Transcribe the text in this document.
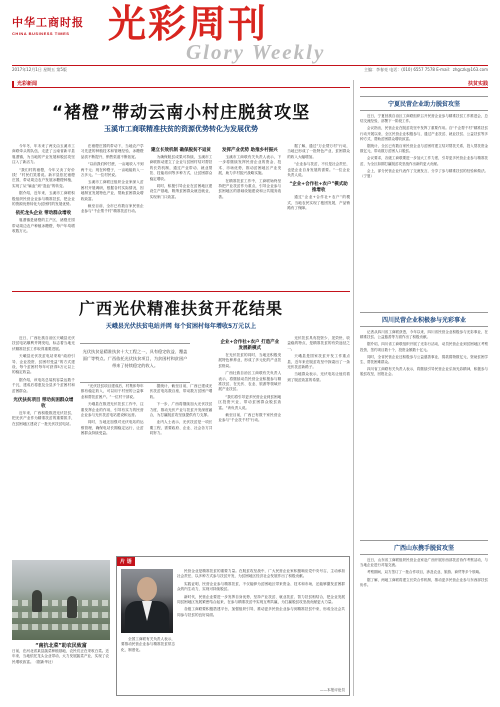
中华工商时报
CHINA BUSINESS TIMES	光彩周刊
Glory Weekly
2017年12月1日 星期五 第5版	主编：李春亮 电话：(010) 6557 7578 E-mail：zhgczk@163.com
光彩新闻	扶贫实践
“褚橙”带动云南小村庄脱贫攻坚
玉溪市工商联精准扶贫的资源优势转化为发展优势

今年冬，年末来了两支由玉溪市工商联牵头的队伍，走进了云南省新平县戛洒镇，为当地的产业发展和脱贫攻坚注入了新活力。

“我们村的褚橙，今年又卖了好价钱！”村民们笑着说。新平县依托褚橙庄园，带动周边农户发展冰糖橙种植，实现了从“输血”到“造血”的转变。

据介绍，近年来，玉溪市工商联积极组织民营企业参与精准扶贫，把企业的资源优势转化为贫困村的发展优势。

依托龙头企业 带动群众增收

戛洒镇是褚橙的主产区，褚橙庄园带动周边农户种植冰糖橙，每户年均增收数万元。

在褚橙庄园的带动下，当地农户学习先进的种植技术和管理经验，冰糖橙品质不断提升，销售渠道不断拓宽。

“以前我们种甘蔗，一亩地收入不到两千元；现在种橙子，一亩地能收入一万多元。”一位村民说。

玉溪市工商联还组织企业家深入贫困村开展调研，根据各村实际情况，因地制宜发展特色产业，帮助贫困群众增收致富。

截至目前，全市已有数百家民营企业参与“千企帮千村”精准扶贫行动。

建立长效机制 确保脱贫不返贫

为确保脱贫成果可持续，玉溪市工商联推动建立了企业与贫困村结对帮扶的长效机制，通过产业带动、就业帮扶、技能培训等多种方式，让贫困群众稳定增收。

同时，积极引导企业在贫困地区建设生产基地，吸纳贫困群众就近就业，实现家门口致富。

发挥产业优势 助推乡村振兴

玉溪市工商联有关负责人表示，下一步将继续发挥民营企业的资金、技术、市场优势，推动贫困地区产业发展，助力乡村振兴战略实施。

在精准扶贫工作中，工商联始终坚持把产业扶贫作为重点，引导企业参与贫困地区的基础设施建设和公共服务改善。

据了解，通过“万企帮万村”行动，当地已形成了一批特色产业，贫困群众的收入大幅增加。

“企业参与扶贫，不仅是社会责任，也是企业自身发展的需要。”一位企业负责人说。

“企业+合作社+农户”模式助推增收

通过“企业+合作社+农户”的模式，当地农民实现了抱团发展，产品销路有了保障。

广西光伏精准扶贫开花结果
天峨县光伏扶贫电站并网 每个贫困村每年增收5万元以上

近日，广西壮族自治区天峨县光伏扶贫电站顺利并网发电，标志着当地光伏精准扶贫工作取得重要进展。

天峨县光伏扶贫电站采取“政府引导、企业投资、贫困村受益”的方式建设，每个贫困村每年可获得5万元以上的稳定收益。

据介绍，该电站总装机容量达数千千瓦，建成后将惠及全县多个贫困村和贫困群众。

光伏扶贫项目 带动贫困群众增收

近年来，广西积极推进光伏扶贫，把光伏产业作为精准扶贫的重要抓手，在贫困地区建设了一批光伏扶贫电站。

“光伏扶贫项目建成后，村集体每年都有稳定收入，可以用于村里的公益事业和帮扶贫困户。”一位村干部说。

天峨县在推进光伏扶贫工作中，注重发挥企业的作用，引导有实力的民营企业参与光伏扶贫电站建设和运营。

同时，当地还加强对光伏电站的运维管理，确保电站长期稳定运行，让贫困群众持续受益。

据统计，截至目前，广西已建成光伏扶贫电站数百座，带动数万贫困户增收。

下一步，广西将继续加大光伏扶贫力度，推动光伏产业与扶贫开发深度融合，为打赢脱贫攻坚战提供有力支撑。

业内人士表示，光伏扶贫是一项长期工程，需要政府、企业、社会各方共同努力。

企业+合作社+农户 打造产业发展新模式

在光伏扶贫的同时，当地还积极发展特色种养业，形成了多元化的产业扶贫格局。

广西壮族自治区工商联有关负责人表示，将继续动员民营企业积极参与精准扶贫，在光伏、农业、旅游等领域开展产业扶贫。

“我们将引导更多民营企业到贫困地区投资兴业，带动贫困群众脱贫致富。”该负责人说。

截至目前，广西已有数千家民营企业参与“千企扶千村”行动。

光伏扶贫具有投资少、见效快、收益稳的特点，是精准扶贫的有效途径之一。

天峨县是国家扶贫开发工作重点县，近年来在脱贫攻坚中探索出了一条光伏扶贫新路子。

当地群众表示，光伏电站让他们看到了脱贫致富的希望。

光伏扶贫是精准扶贫十大工程之一，具有稳定收益、覆盖面广等特点。广西依托光伏扶贫项目，为贫困村和贫困户带来了持续稳定的收入。
“南抗北菜”助农民致富
日前，在河北省某县蔬菜种植基地，农民们正在采收白菜。近年来，当地依托龙头企业带动，大力发展蔬菜产业，实现了农民增收致富。（据新华社）
片 语

全国工商联有关负责人表示，要推动民营企业参与精准扶贫常态化、制度化。

民营企业是精准扶贫的重要力量。在脱贫攻坚战中，广大民营企业家积极响应党中央号召，主动承担社会责任，以多种方式参与扶贫开发，为贫困地区经济社会发展作出了积极贡献。

实践证明，民营企业参与精准扶贫，不仅能够为贫困地区带来资金、技术和市场，还能够激发贫困群众的内生动力，实现可持续脱贫。

新时代，民营企业要进一步发挥自身优势，坚持产业扶贫、就业扶贫、智力扶贫相结合，把企业发展同贫困地区发展紧密结合起来，在参与精准扶贫中实现互利共赢，为打赢脱贫攻坚战贡献更大力量。

各级工商联要积极搭建平台，加强组织引导，推动更多民营企业参与到精准扶贫中来，形成全社会共同参与扶贫的良好局面。

——本报评论员
宁夏民营企业助力脱贫攻坚

近日，宁夏回族自治区工商联组织召开民营企业参与精准扶贫工作推进会，总结交流经验，部署下一阶段工作。

会议指出，民营企业在脱贫攻坚中发挥了重要作用。自“千企帮千村”精准扶贫行动开展以来，全区民营企业积极参与，通过产业扶贫、就业扶贫、公益扶贫等多种方式，帮助贫困群众增收致富。

据统计，全区已有数百家民营企业与贫困村建立结对帮扶关系，投入帮扶资金数亿元，带动数万贫困人口脱贫。

会议要求，各级工商联要进一步加大工作力度，引导更多民营企业参与精准扶贫，为全区如期打赢脱贫攻坚战作出新的更大贡献。

会上，部分民营企业代表作了交流发言，分享了参与精准扶贫的经验和做法。（宁夏）

四川民营企业积极参与光彩事业

记者从四川省工商联获悉，今年以来，四川省民营企业积极参与光彩事业，在精准扶贫、公益慈善等方面作出了积极贡献。

据介绍，四川省工商联组织开展了光彩行活动，动员民营企业到贫困地区考察投资，签约项目数十个，投资金额数十亿元。

同时，全省民营企业还积极参与公益慈善事业，捐款捐物数亿元，资助贫困学生、帮扶困难群众。

四川省工商联有关负责人表示，将继续引导民营企业弘扬光彩精神，积极参与脱贫攻坚，回报社会。

广西山东携手脱贫攻坚

近日，山东省工商联组织民营企业家赴广西开展东西部扶贫协作考察活动，与当地企业进行对接交流。

考察期间，双方签订了一批合作项目，涉及农业、旅游、商贸等多个领域。

据了解，两地工商联将建立长效合作机制，推动更多民营企业参与东西部扶贫协作。
